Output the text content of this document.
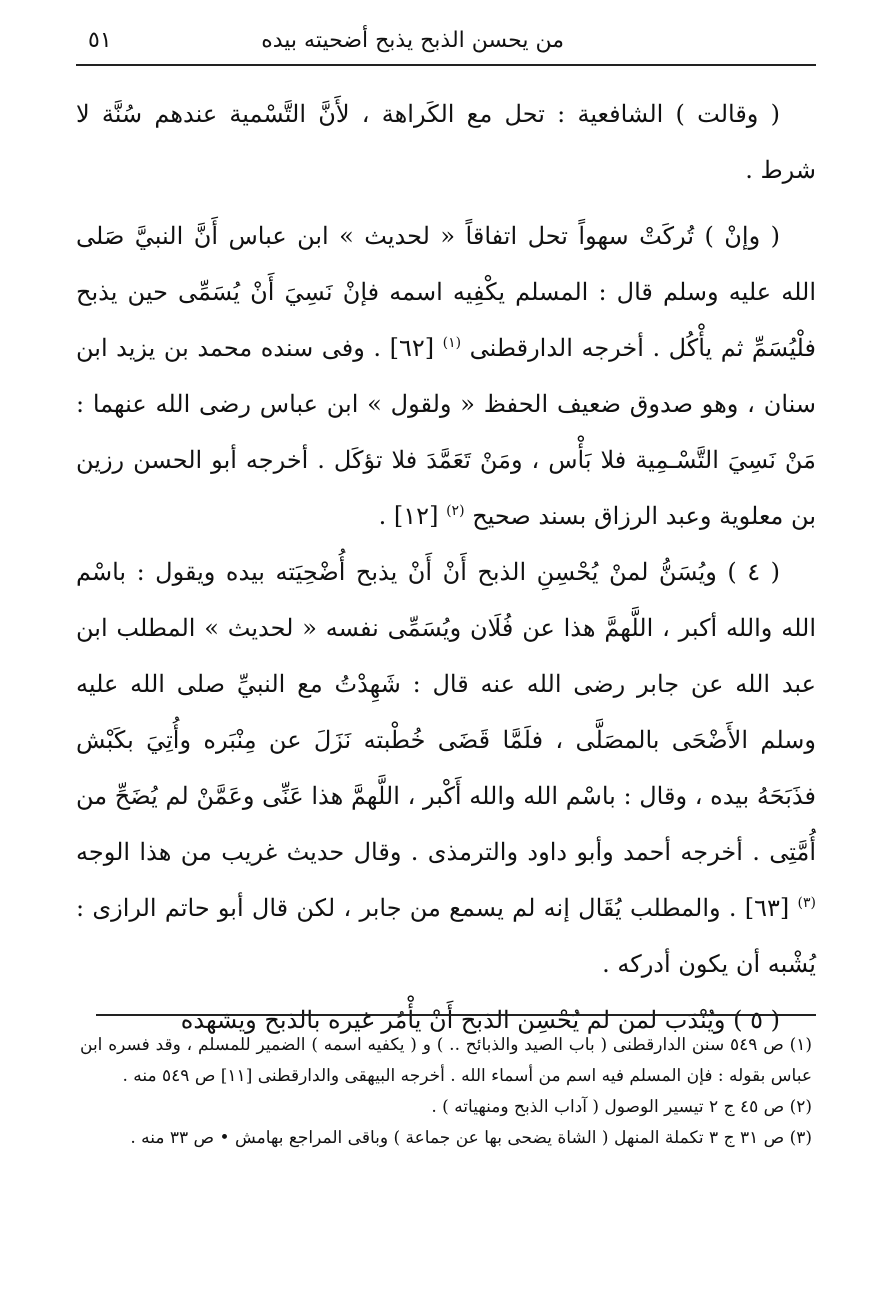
من يحسن الذبح يذبح أضحيته بيده
٥١

( وقالت ) الشافعية : تحل مع الكَراهة ، لأَنَّ التَّسْمية عندهم سُنَّة لا شرط .

( وإنْ ) تُركَتْ سهواً تحل اتفاقاً « لحديث » ابن عباس أَنَّ النبيَّ صَلى الله عليه وسلم قال : المسلم يكْفِيه اسمه فإنْ نَسِيَ أَنْ يُسَمِّى حين يذبح فلْيُسَمِّ ثم يأْكُل . أخرجه الدارقطنى $^{(١)}$ [٦٢] . وفى سنده محمد بن يزيد ابن سنان ، وهو صدوق ضعيف الحفظ « ولقول » ابن عباس رضى الله عنهما : مَنْ نَسِيَ التَّسْـمِية فلا بَأْس ، ومَنْ تَعَمَّدَ فلا تؤكَل . أخرجه أبو الحسن رزين بن معلوية وعبد الرزاق بسند صحيح $^{(٢)}$ [١٢] .

( ٤ ) ويُسَنُّ لمنْ يُحْسِنِ الذبح أَنْ أَنْ يذبح أُضْحِيَته بيده ويقول : باسْم الله والله أكبر ، اللَّهمَّ هذا عن فُلَان ويُسَمِّى نفسه « لحديث » المطلب ابن عبد الله عن جابر رضى الله عنه قال : شَهِدْتُ مع النبيِّ صلى الله عليه وسلم الأَضْحَى بالمصَلَّى ، فلَمَّا قَضَى خُطْبته نَزَلَ عن مِنْبَره وأُتِيَ بكَبْش فذَبَحَهُ بيده ، وقال : باسْم الله والله أَكْبر ، اللَّهمَّ هذا عَنِّى وعَمَّنْ لم يُضَحِّ من أُمَّتِى . أخرجه أحمد وأبو داود والترمذى . وقال حديث غريب من هذا الوجه $^{(٣)}$ [٦٣] . والمطلب يُقَال إنه لم يسمع من جابر ، لكن قال أبو حاتم الرازى : يُشْبه أن يكون أدركه .

( ٥ ) ويُنْدَب لمن لم يُحْسِن الذبح أَنْ يأْمُر غيره بالذبح ويشهده

(١) ص ٥٤٩ سنن الدارقطنى ( باب الصيد والذبائح .. ) و ( يكفيه اسمه ) الضمير للمسلم ، وقد فسره ابن عباس بقوله : فإن المسلم فيه اسم من أسماء الله . أخرجه البيهقى والدارقطنى [١١] ص ٥٤٩ منه .

(٢) ص ٤٥ ج ٢ تيسير الوصول ( آداب الذبح ومنهياته ) .

(٣) ص ٣١ ج ٣ تكملة المنهل ( الشاة يضحى بها عن جماعة ) وباقى المراجع بهامش • ص ٣٣ منه .
